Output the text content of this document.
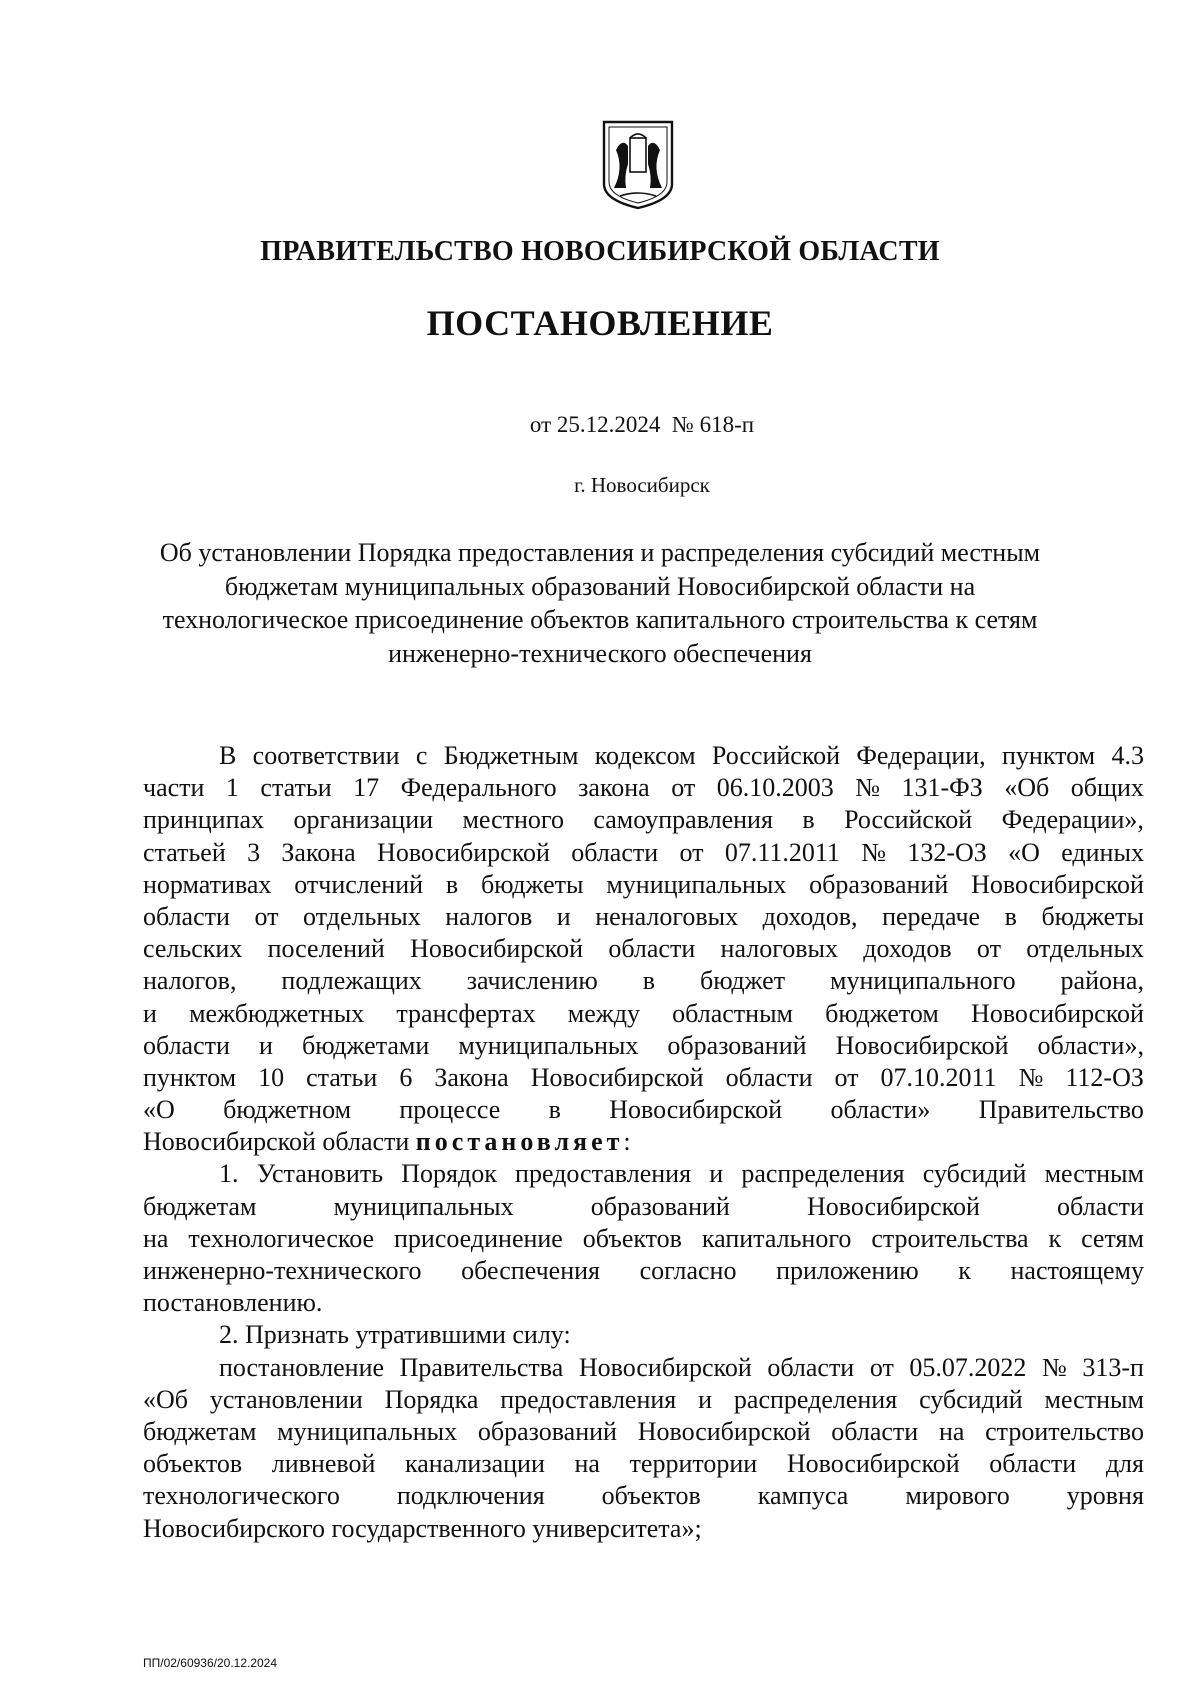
ПРАВИТЕЛЬСТВО НОВОСИБИРСКОЙ ОБЛАСТИ
ПОСТАНОВЛЕНИЕ
от 25.12.2024  № 618-п
г. Новосибирск
Об установлении Порядка предоставления и распределения субсидий местным
бюджетам муниципальных образований Новосибирской области на
технологическое присоединение объектов капитального строительства к сетям
инженерно-технического обеспечения
В соответствии с Бюджетным кодексом Российской Федерации, пунктом 4.3
части 1 статьи 17 Федерального закона от 06.10.2003 № 131-ФЗ «Об общих
принципах организации местного самоуправления в Российской Федерации»,
статьей 3 Закона Новосибирской области от 07.11.2011 № 132-ОЗ «О единых
нормативах отчислений в бюджеты муниципальных образований Новосибирской
области от отдельных налогов и неналоговых доходов, передаче в бюджеты
сельских поселений Новосибирской области налоговых доходов от отдельных
налогов, подлежащих зачислению в бюджет муниципального района,
и межбюджетных трансфертах между областным бюджетом Новосибирской
области и бюджетами муниципальных образований Новосибирской области»,
пунктом 10 статьи 6 Закона Новосибирской области от 07.10.2011 № 112-ОЗ
«О бюджетном процессе в Новосибирской области» Правительство
Новосибирской области постановляет :
1. Установить Порядок предоставления и распределения субсидий местным
бюджетам	муниципальных	образований	Новосибирской	области
на технологическое присоединение объектов капитального строительства к сетям
инженерно-технического обеспечения согласно приложению к настоящему
постановлению.
2. Признать утратившими силу:
постановление Правительства Новосибирской области от 05.07.2022 № 313-п
«Об установлении Порядка предоставления и распределения субсидий местным
бюджетам муниципальных образований Новосибирской области на строительство
объектов ливневой канализации на территории Новосибирской области для
технологического подключения объектов кампуса мирового уровня
Новосибирского государственного университета»;
ПП/02/60936/20.12.2024
